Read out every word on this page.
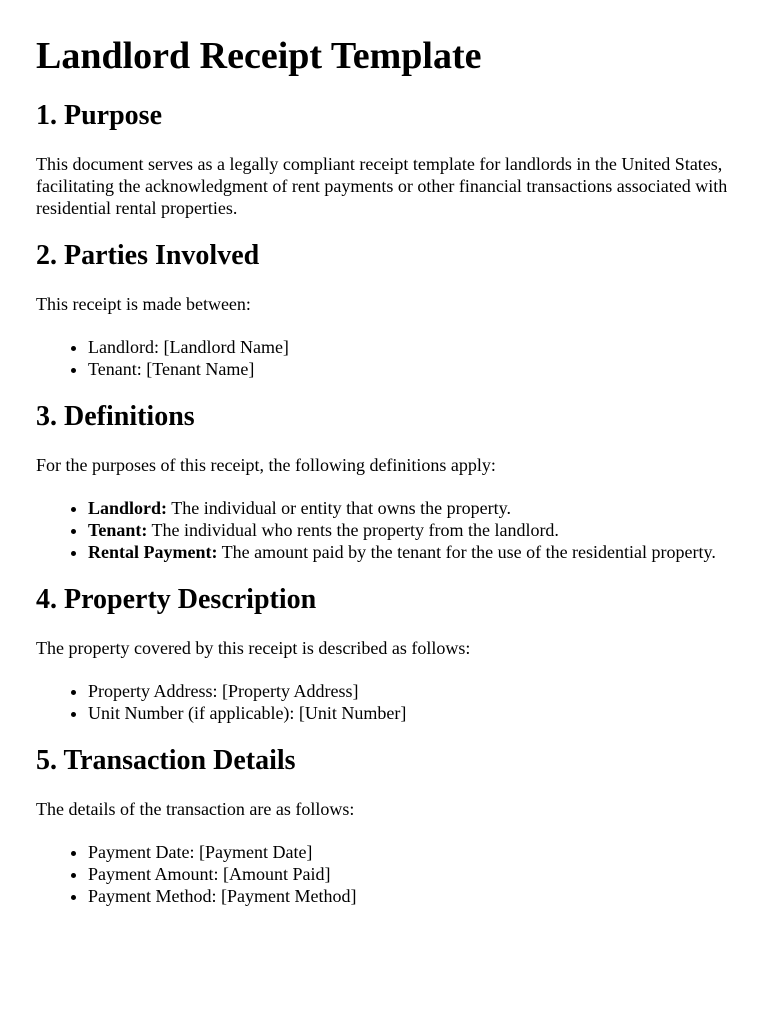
Landlord Receipt Template
1. Purpose

This document serves as a legally compliant receipt template for landlords in the United States, facilitating the acknowledgment of rent payments or other financial transactions associated with residential rental properties.

2. Parties Involved

This receipt is made between:

• Landlord: [Landlord Name]
• Tenant: [Tenant Name]
3. Definitions

For the purposes of this receipt, the following definitions apply:

• Landlord: The individual or entity that owns the property.
• Tenant: The individual who rents the property from the landlord.
• Rental Payment: The amount paid by the tenant for the use of the residential property.
4. Property Description

The property covered by this receipt is described as follows:

• Property Address: [Property Address]
• Unit Number (if applicable): [Unit Number]
5. Transaction Details

The details of the transaction are as follows:

• Payment Date: [Payment Date]
• Payment Amount: [Amount Paid]
• Payment Method: [Payment Method]
